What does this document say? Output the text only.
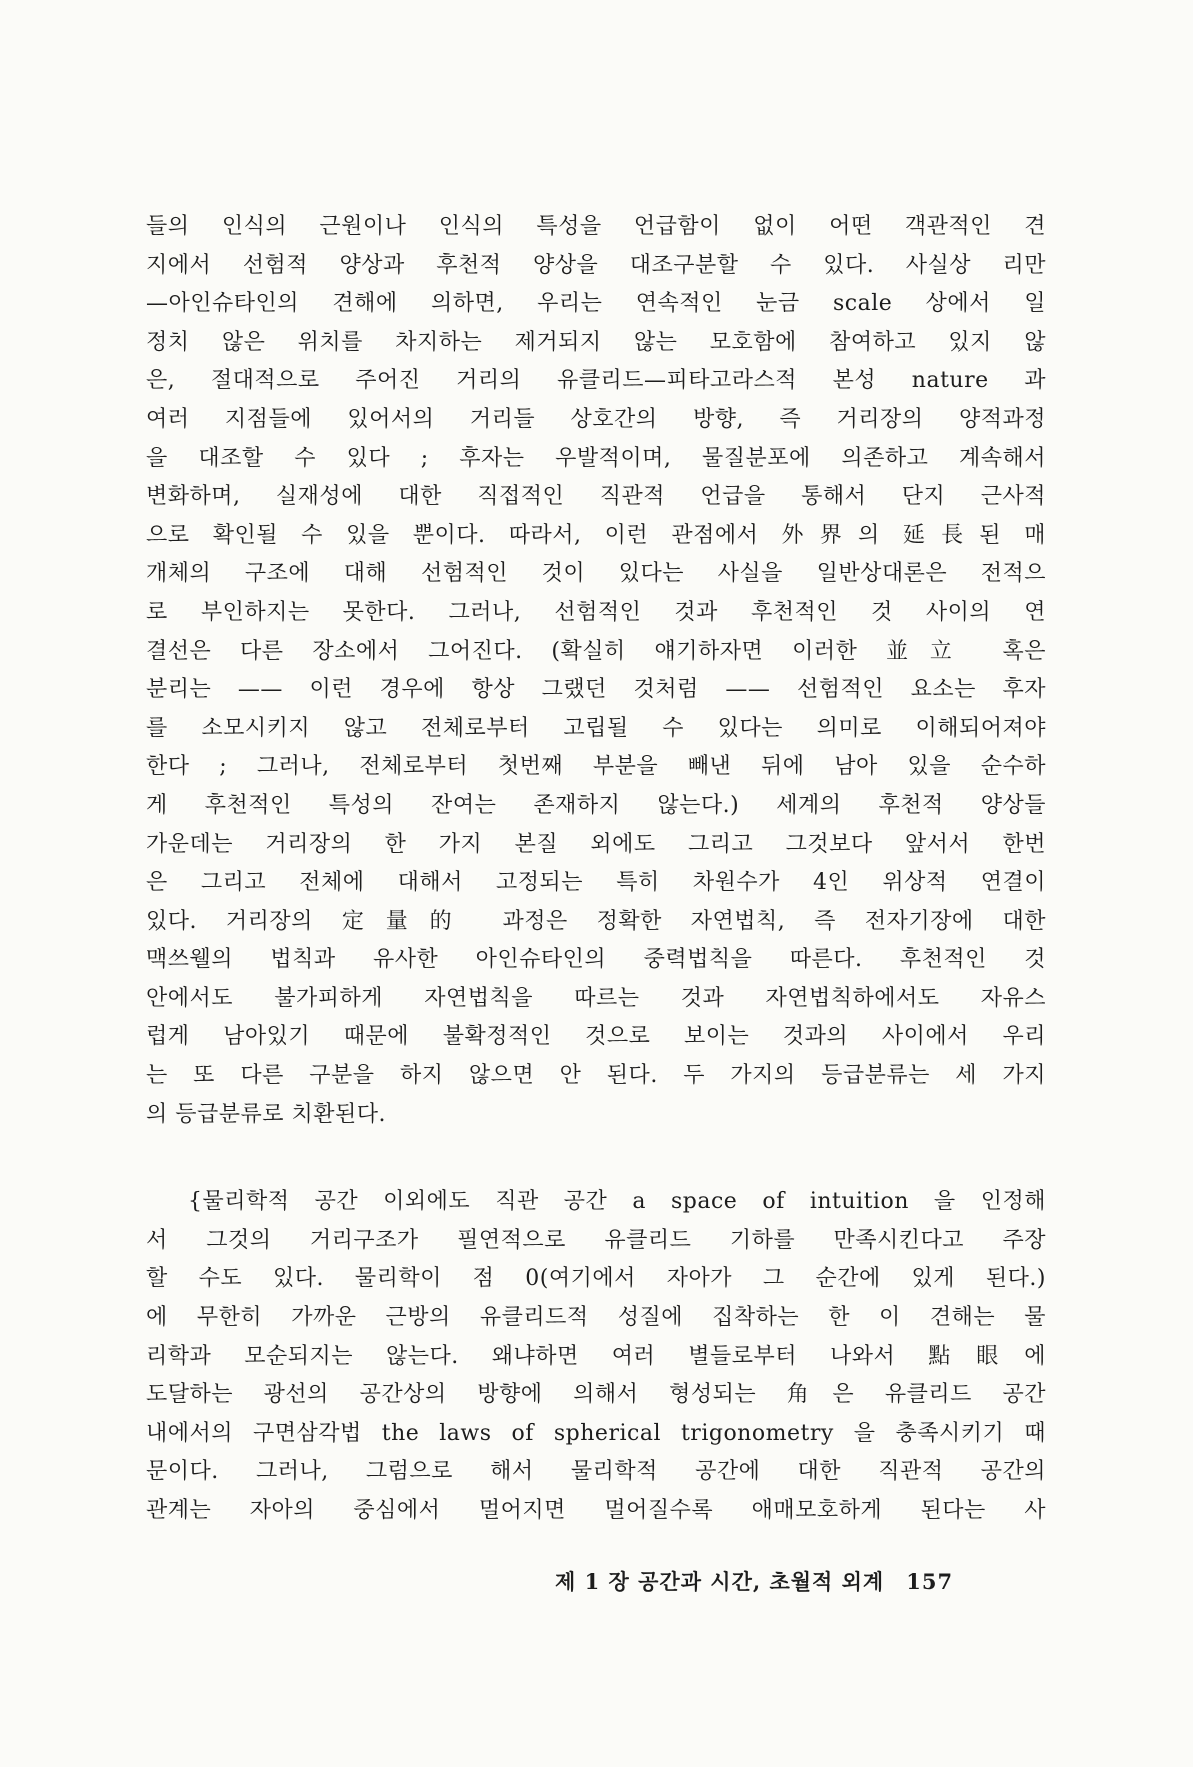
들의 인식의 근원이나 인식의 특성을 언급함이 없이 어떤 객관적인 견
지에서 선험적 양상과 후천적 양상을 대조구분할 수 있다. 사실상 리만
—아인슈타인의 견해에 의하면, 우리는 연속적인 눈금 scale 상에서 일
정치 않은 위치를 차지하는 제거되지 않는 모호함에 참여하고 있지 않
은, 절대적으로 주어진 거리의 유클리드—피타고라스적 본성 nature 과
여러 지점들에 있어서의 거리들 상호간의 방향, 즉 거리장의 양적과정
을 대조할 수 있다 ; 후자는 우발적이며, 물질분포에 의존하고 계속해서
변화하며, 실재성에 대한 직접적인 직관적 언급을 통해서 단지 근사적
으로 확인될 수 있을 뿐이다. 따라서, 이런 관점에서 外界의 延長된 매
개체의 구조에 대해 선험적인 것이 있다는 사실을 일반상대론은 전적으
로 부인하지는 못한다. 그러나, 선험적인 것과 후천적인 것 사이의 연
결선은 다른 장소에서 그어진다. (확실히 얘기하자면 이러한 並立 혹은
분리는 —— 이런 경우에 항상 그랬던 것처럼 —— 선험적인 요소는 후자
를 소모시키지 않고 전체로부터 고립될 수 있다는 의미로 이해되어져야
한다 ; 그러나, 전체로부터 첫번째 부분을 빼낸 뒤에 남아 있을 순수하
게 후천적인 특성의 잔여는 존재하지 않는다.) 세계의 후천적 양상들
가운데는 거리장의 한 가지 본질 외에도 그리고 그것보다 앞서서 한번
은 그리고 전체에 대해서 고정되는 특히 차원수가 4인 위상적 연결이
있다. 거리장의 定量的 과정은 정확한 자연법칙, 즉 전자기장에 대한
맥쓰웰의 법칙과 유사한 아인슈타인의 중력법칙을 따른다. 후천적인 것
안에서도 불가피하게 자연법칙을 따르는 것과 자연법칙하에서도 자유스
럽게 남아있기 때문에 불확정적인 것으로 보이는 것과의 사이에서 우리
는 또 다른 구분을 하지 않으면 안 된다. 두 가지의 등급분류는 세 가지
의 등급분류로 치환된다.
{물리학적 공간 이외에도 직관 공간 a space of intuition 을 인정해
서 그것의 거리구조가 필연적으로 유클리드 기하를 만족시킨다고 주장
할 수도 있다. 물리학이 점 0(여기에서 자아가 그 순간에 있게 된다.)
에 무한히 가까운 근방의 유클리드적 성질에 집착하는 한 이 견해는 물
리학과 모순되지는 않는다. 왜냐하면 여러 별들로부터 나와서 點眼에
도달하는 광선의 공간상의 방향에 의해서 형성되는 角은 유클리드 공간
내에서의 구면삼각법 the laws of spherical trigonometry 을 충족시키기 때
문이다. 그러나, 그럼으로 해서 물리학적 공간에 대한 직관적 공간의
관계는 자아의 중심에서 멀어지면 멀어질수록 애매모호하게 된다는 사
제 1 장 공간과 시간, 초월적 외계 157
